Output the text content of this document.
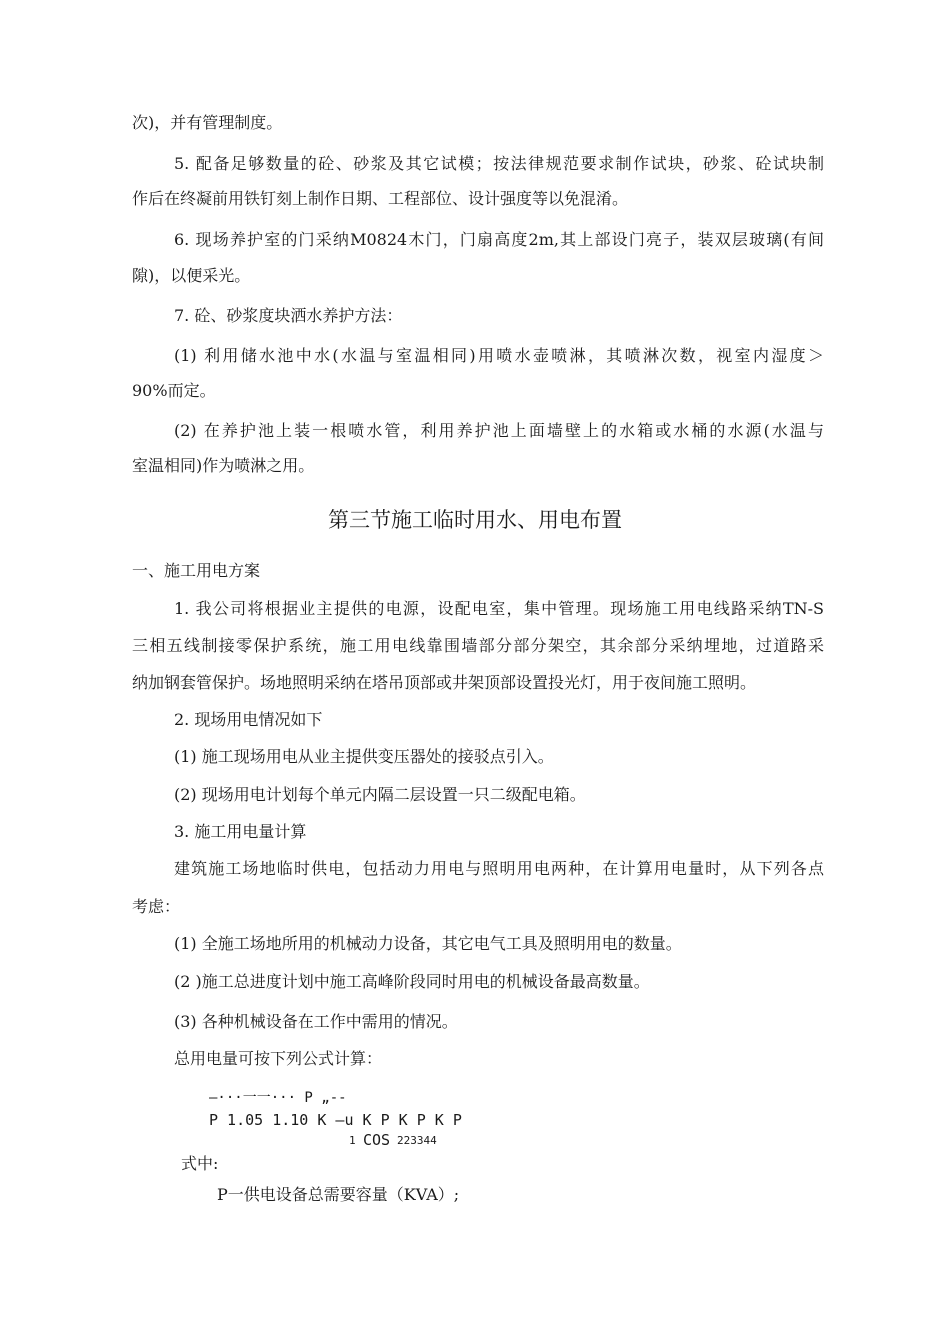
次)，并有管理制度。
5. 配备足够数量的砼、砂浆及其它试模；按法律规范要求制作试块，砂浆、砼试块制
作后在终凝前用铁钉刻上制作日期、工程部位、设计强度等以免混淆。
6. 现场养护室的门采纳M0824木门，门扇高度2m,其上部设门亮子，装双层玻璃(有间
隙)，以便采光。
7. 砼、砂浆度块洒水养护方法：
(1) 利用储水池中水(水温与室温相同)用喷水壶喷淋，其喷淋次数，视室内湿度＞
90%而定。
(2) 在养护池上装一根喷水管，利用养护池上面墙壁上的水箱或水桶的水源(水温与
室温相同)作为喷淋之用。
第三节施工临时用水、用电布置
一、施工用电方案
1. 我公司将根据业主提供的电源，设配电室，集中管理。现场施工用电线路采纳TN-S
三相五线制接零保护系统，施工用电线靠围墙部分部分架空，其余部分采纳埋地，过道路采
纳加钢套管保护。场地照明采纳在塔吊顶部或井架顶部设置投光灯，用于夜间施工照明。
2. 现场用电情况如下
(1) 施工现场用电从业主提供变压器处的接驳点引入。
(2) 现场用电计划每个单元内隔二层设置一只二级配电箱。
3. 施工用电量计算
建筑施工场地临时供电，包括动力用电与照明用电两种，在计算用电量时，从下列各点
考虑：
(1) 全施工场地所用的机械动力设备，其它电气工具及照明用电的数量。
(2 )施工总进度计划中施工高峰阶段同时用电的机械设备最高数量。
(3) 各种机械设备在工作中需用的情况。
总用电量可按下列公式计算：
–···一一··· P „--
P 1.05 1.10 K —u K P K P K P
1 COS 223344
式中:
P一供电设备总需要容量（KVA）;
